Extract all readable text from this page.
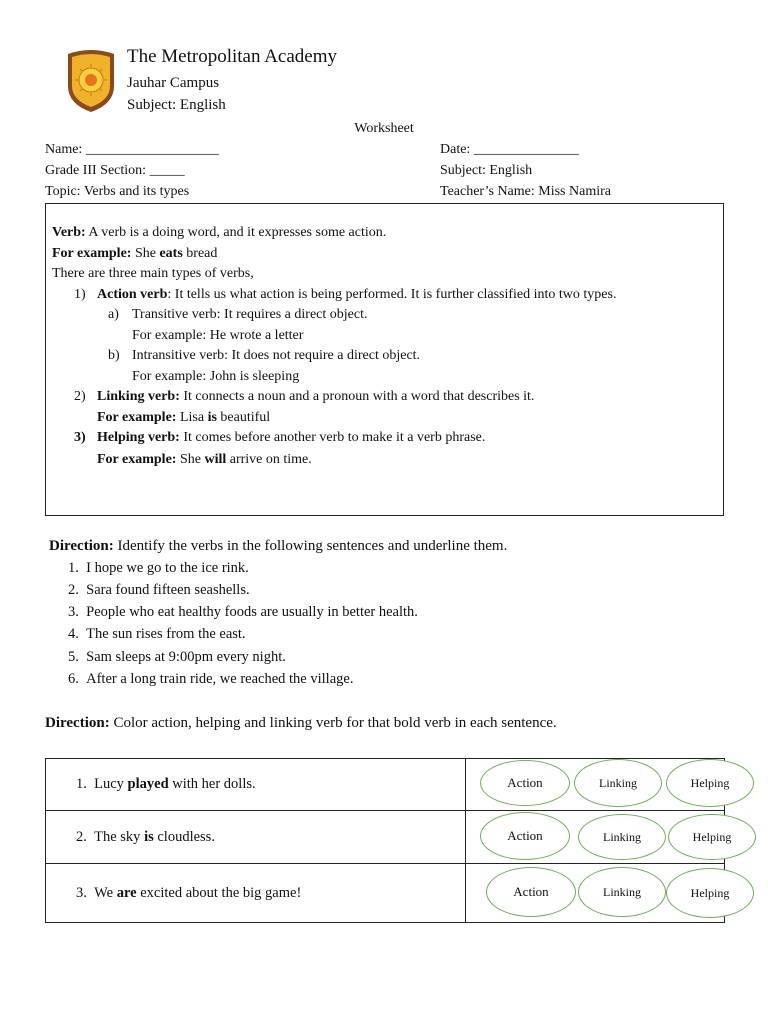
The Metropolitan Academy
Jauhar Campus
Subject: English
Worksheet
Name: ___________________	Date: _______________
Grade III Section: _____	Subject: English
Topic: Verbs and its types	Teacher’s Name: Miss Namira
Verb: A verb is a doing word, and it expresses some action.
For example: She eats bread
There are three main types of verbs,
1) Action verb: It tells us what action is being performed. It is further classified into two types.
a) Transitive verb: It requires a direct object.
For example: He wrote a letter
b) Intransitive verb: It does not require a direct object.
For example: John is sleeping
2) Linking verb: It connects a noun and a pronoun with a word that describes it.
For example: Lisa is beautiful
3) Helping verb: It comes before another verb to make it a verb phrase.
For example: She will arrive on time.
Direction: Identify the verbs in the following sentences and underline them.
1. I hope we go to the ice rink.
2. Sara found fifteen seashells.
3. People who eat healthy foods are usually in better health.
4. The sun rises from the east.
5. Sam sleeps at 9:00pm every night.
6. After a long train ride, we reached the village.
Direction: Color action, helping and linking verb for that bold verb in each sentence.
1. Lucy played with her dolls.	Action Linking Helping

2. The sky is cloudless.	Action Linking Helping

3. We are excited about the big game!	Action Linking Helping
